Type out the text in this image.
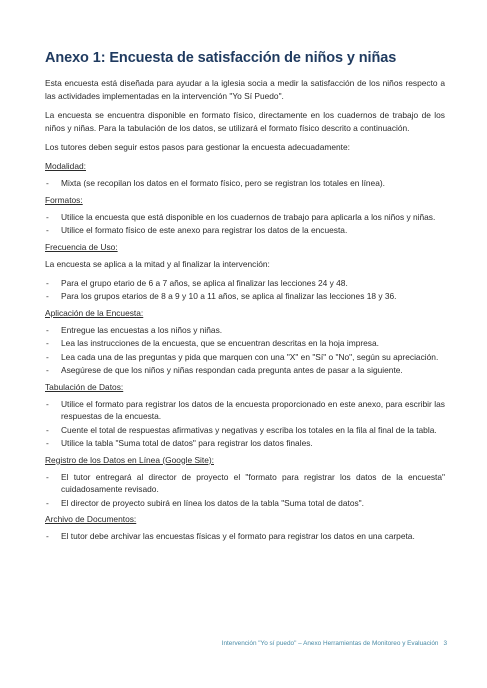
Anexo 1: Encuesta de satisfacción de niños y niñas

Esta encuesta está diseñada para ayudar a la iglesia socia a medir la satisfacción de los niños respecto a las actividades implementadas en la intervención "Yo Sí Puedo".

La encuesta se encuentra disponible en formato físico, directamente en los cuadernos de trabajo de los niños y niñas. Para la tabulación de los datos, se utilizará el formato físico descrito a continuación.

Los tutores deben seguir estos pasos para gestionar la encuesta adecuadamente:

Modalidad:
- Mixta (se recopilan los datos en el formato físico, pero se registran los totales en línea).
Formatos:
- Utilice la encuesta que está disponible en los cuadernos de trabajo para aplicarla a los niños y niñas.
- Utilice el formato físico de este anexo para registrar los datos de la encuesta.
Frecuencia de Uso:

La encuesta se aplica a la mitad y al finalizar la intervención:

- Para el grupo etario de 6 a 7 años, se aplica al finalizar las lecciones 24 y 48.
- Para los grupos etarios de 8 a 9 y 10 a 11 años, se aplica al finalizar las lecciones 18 y 36.
Aplicación de la Encuesta:
- Entregue las encuestas a los niños y niñas.
- Lea las instrucciones de la encuesta, que se encuentran descritas en la hoja impresa.
- Lea cada una de las preguntas y pida que marquen con una "X" en "Sí" o "No", según su apreciación.
- Asegúrese de que los niños y niñas respondan cada pregunta antes de pasar a la siguiente.
Tabulación de Datos:
- Utilice el formato para registrar los datos de la encuesta proporcionado en este anexo, para escribir las respuestas de la encuesta.
- Cuente el total de respuestas afirmativas y negativas y escriba los totales en la fila al final de la tabla.
- Utilice la tabla "Suma total de datos" para registrar los datos finales.
Registro de los Datos en Línea (Google Site):
- El tutor entregará al director de proyecto el "formato para registrar los datos de la encuesta" cuidadosamente revisado.
- El director de proyecto subirá en línea los datos de la tabla "Suma total de datos".
Archivo de Documentos:
- El tutor debe archivar las encuestas físicas y el formato para registrar los datos en una carpeta.
Intervención "Yo sí puedo" – Anexo Herramientas de Monitoreo y Evaluación 3
